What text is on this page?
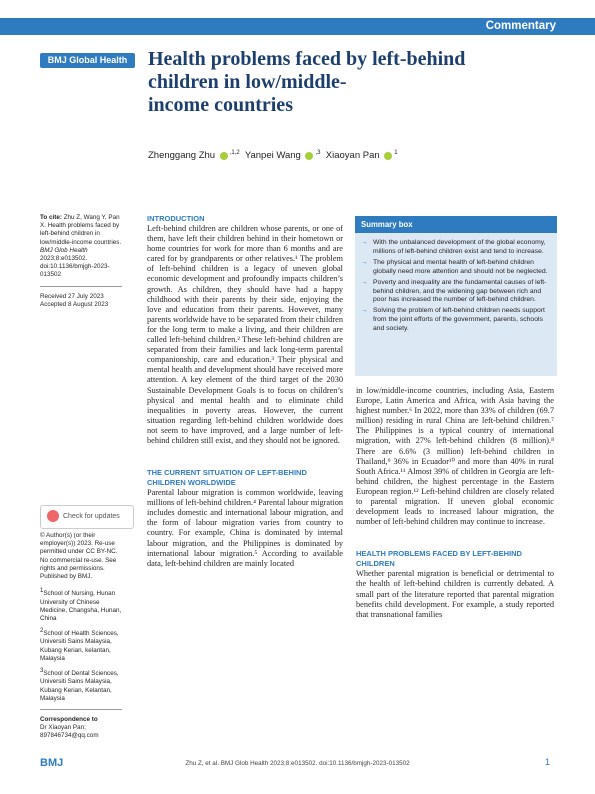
Commentary
BMJ Global Health	Health problems faced by left-behind
children in low/middle-
income countries
Zhenggang Zhu $^{,1,2}$ Yanpei Wang $^{,3}$ Xiaoyan Pan $^1$

To cite: Zhu Z, Wang Y, Pan X. Health problems faced by left-behind children in low/middle-income countries. BMJ Glob Health 2023;8:e013502. doi:10.1136/bmjgh-2023-013502

Received 27 July 2023

Accepted 8 August 2023

Check for updates

© Author(s) (or their employer(s)) 2023. Re-use permitted under CC BY-NC. No commercial re-use. See rights and permissions. Published by BMJ.

$^1$School of Nursing, Hunan University of Chinese Medicine, Changsha, Hunan, China

$^2$School of Health Sciences, Universiti Sains Malaysia, Kubang Kerian, kelantan, Malaysia

$^3$School of Dental Sciences, Universiti Sains Malaysia, Kubang Kerian, Kelantan, Malaysia

Correspondence to
Dr Xiaoyan Pan;
897846734@qq.com

INTRODUCTION

Left-behind children are children whose parents, or one of them, have left their children behind in their hometown or home countries for work for more than 6 months and are cared for by grandparents or other relatives.¹ The problem of left-behind children is a legacy of uneven global economic development and profoundly impacts children’s growth. As children, they should have had a happy childhood with their parents by their side, enjoying the love and education from their parents. However, many parents worldwide have to be separated from their children for the long term to make a living, and their children are called left-behind children.² These left-behind children are separated from their families and lack long-term parental companionship, care and education.³ Their physical and mental health and development should have received more attention. A key element of the third target of the 2030 Sustainable Development Goals is to focus on children’s physical and mental health and to eliminate child inequalities in poverty areas. However, the current situation regarding left-behind children worldwide does not seem to have improved, and a large number of left-behind children still exist, and they should not be ignored.

THE CURRENT SITUATION OF LEFT-BEHIND
CHILDREN WORLDWIDE

Parental labour migration is common worldwide, leaving millions of left-behind children.⁴ Parental labour migration includes domestic and international labour migration, and the form of labour migration varies from country to country. For example, China is dominated by internal labour migration, and the Philippines is dominated by international labour migration.⁵ According to available data, left-behind children are mainly located

Summary box
→ With the unbalanced development of the global economy, millions of left-behind children exist and tend to increase.
→ The physical and mental health of left-behind children globally need more attention and should not be neglected.
→ Poverty and inequality are the fundamental causes of left-behind children, and the widening gap between rich and poor has increased the number of left-behind children.
→ Solving the problem of left-behind children needs support from the joint efforts of the government, parents, schools and society.

in low/middle-income countries, including Asia, Eastern Europe, Latin America and Africa, with Asia having the highest number.⁶ In 2022, more than 33% of children (69.7 million) residing in rural China are left-behind children.⁷ The Philippines is a typical country of international migration, with 27% left-behind children (8 million).⁸ There are 6.6% (3 million) left-behind children in Thailand,⁹ 36% in Ecuador¹⁰ and more than 40% in rural South Africa.¹¹ Almost 39% of children in Georgia are left-behind children, the highest percentage in the Eastern European region.¹² Left-behind children are closely related to parental migration. If uneven global economic development leads to increased labour migration, the number of left-behind children may continue to increase.

HEALTH PROBLEMS FACED BY LEFT-BEHIND
CHILDREN

Whether parental migration is beneficial or detrimental to the health of left-behind children is currently debated. A small part of the literature reported that parental migration benefits child development. For example, a study reported that transnational families

BMJ	Zhu Z, et al. BMJ Glob Health 2023;8:e013502. doi:10.1136/bmjgh-2023-013502	1
